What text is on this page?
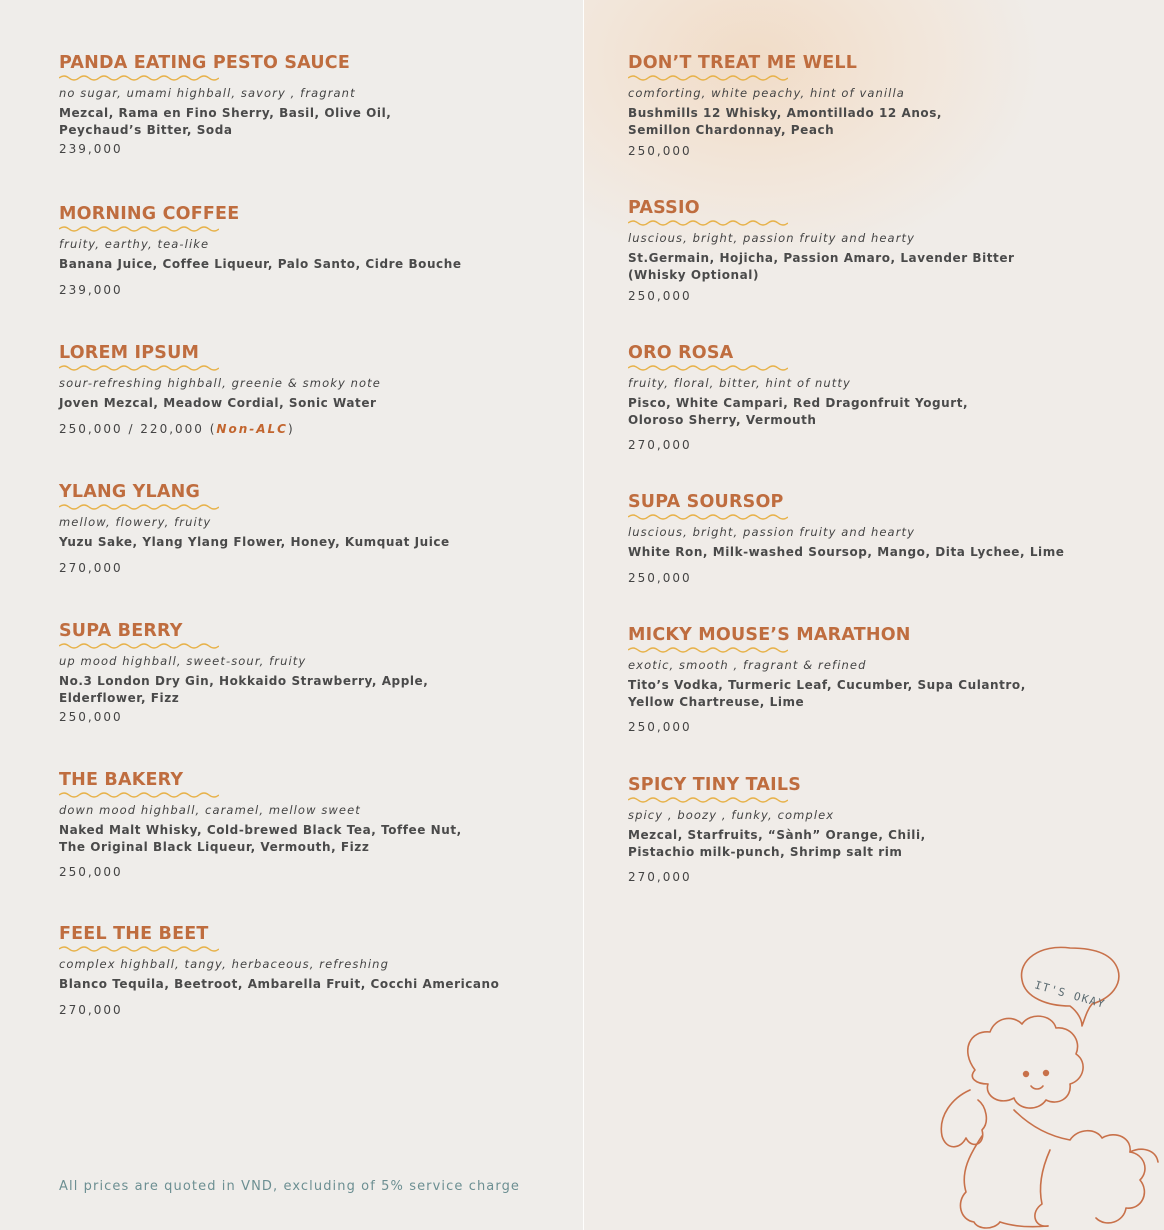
PANDA EATING PESTO SAUCE

no sugar, umami highball, savory , fragrant

Mezcal, Rama en Fino Sherry, Basil, Olive Oil,
Peychaud’s Bitter, Soda

239,000
MORNING COFFEE

fruity, earthy, tea-like

Banana Juice, Coffee Liqueur, Palo Santo, Cidre Bouche

239,000
LOREM IPSUM

sour-refreshing highball, greenie & smoky note

Joven Mezcal, Meadow Cordial, Sonic Water

250,000 / 220,000 (Non-ALC)
YLANG YLANG

mellow, flowery, fruity

Yuzu Sake, Ylang Ylang Flower, Honey, Kumquat Juice

270,000
SUPA BERRY

up mood highball, sweet-sour, fruity

No.3 London Dry Gin, Hokkaido Strawberry, Apple,
Elderflower, Fizz

250,000
THE BAKERY

down mood highball, caramel, mellow sweet

Naked Malt Whisky, Cold-brewed Black Tea, Toffee Nut,
The Original Black Liqueur, Vermouth, Fizz

250,000
FEEL THE BEET

complex highball, tangy, herbaceous, refreshing

Blanco Tequila, Beetroot, Ambarella Fruit, Cocchi Americano

270,000
DON’T TREAT ME WELL

comforting, white peachy, hint of vanilla

Bushmills 12 Whisky, Amontillado 12 Anos,
Semillon Chardonnay, Peach

250,000
PASSIO

luscious, bright, passion fruity and hearty

St.Germain, Hojicha, Passion Amaro, Lavender Bitter
(Whisky Optional)

250,000
ORO ROSA

fruity, floral, bitter, hint of nutty

Pisco, White Campari, Red Dragonfruit Yogurt,
Oloroso Sherry, Vermouth

270,000
SUPA SOURSOP

luscious, bright, passion fruity and hearty

White Ron, Milk-washed Soursop, Mango, Dita Lychee, Lime

250,000
MICKY MOUSE’S MARATHON

exotic, smooth , fragrant & refined

Tito’s Vodka, Turmeric Leaf, Cucumber, Supa Culantro,
Yellow Chartreuse, Lime

250,000
SPICY TINY TAILS

spicy , boozy , funky, complex

Mezcal, Starfruits, “Sành” Orange, Chili,
Pistachio milk-punch, Shrimp salt rim

270,000
All prices are quoted in VND, excluding of 5% service charge
IT'S OKAY
